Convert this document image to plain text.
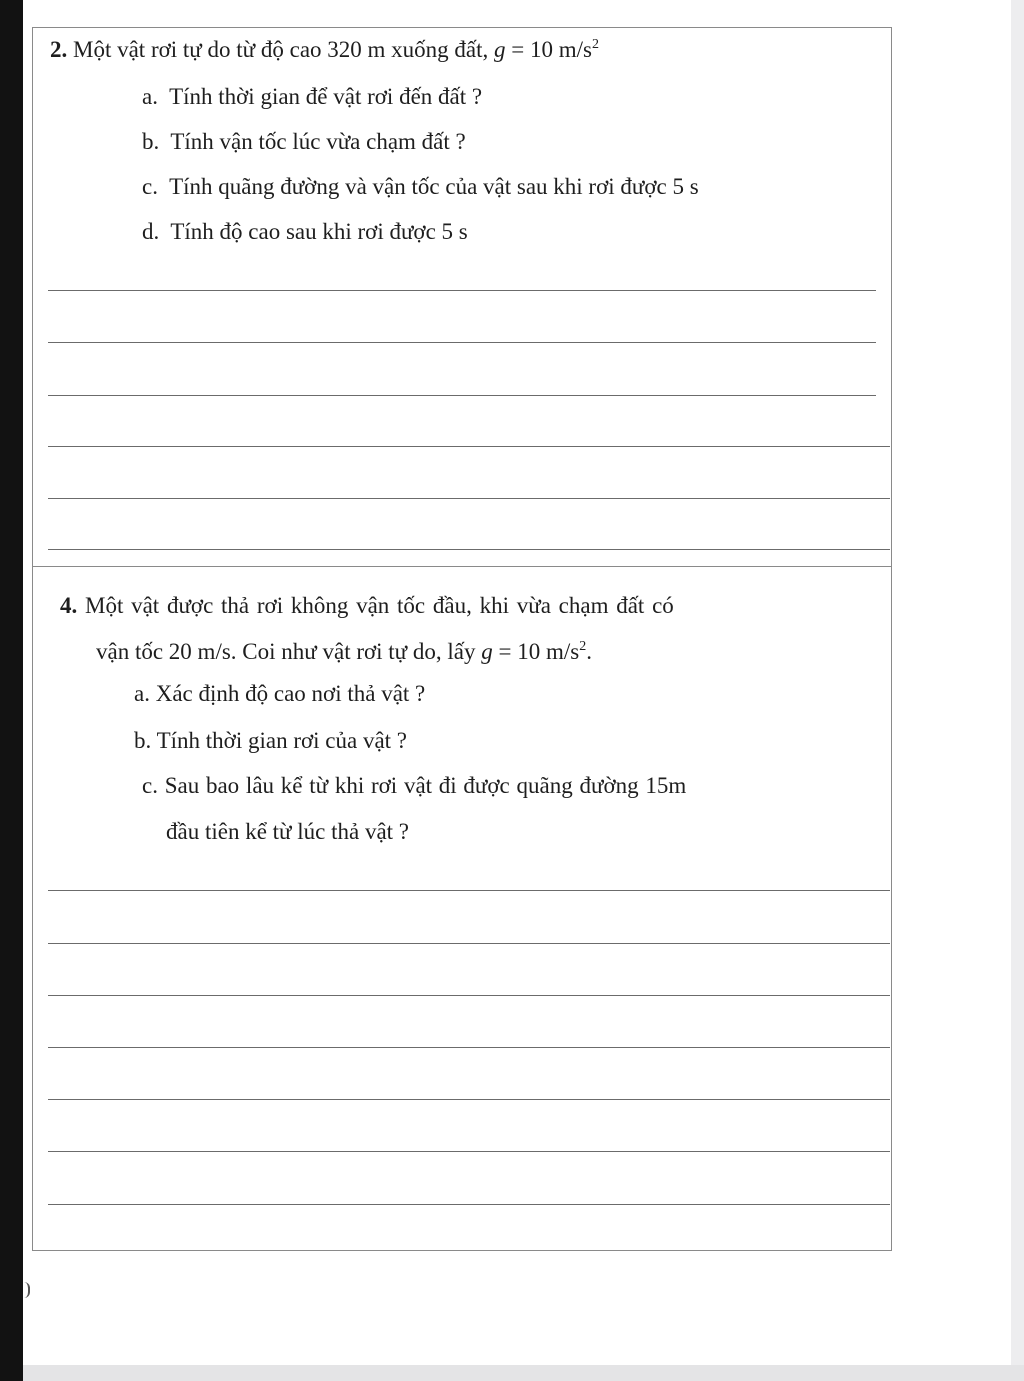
2. Một vật rơi tự do từ độ cao 320 m xuống đất, g = 10 $m/s^2$
a. Tính thời gian để vật rơi đến đất ?
b. Tính vận tốc lúc vừa chạm đất ?
c. Tính quãng đường và vận tốc của vật sau khi rơi được 5 s
d. Tính độ cao sau khi rơi được 5 s
4. Một vật được thả rơi không vận tốc đầu, khi vừa chạm đất có
vận tốc 20 m/s. Coi như vật rơi tự do, lấy g = 10 $m/s^2$.
a. Xác định độ cao nơi thả vật ?
b. Tính thời gian rơi của vật ?
c. Sau bao lâu kể từ khi rơi vật đi được quãng đường 15m
đầu tiên kể từ lúc thả vật ?
